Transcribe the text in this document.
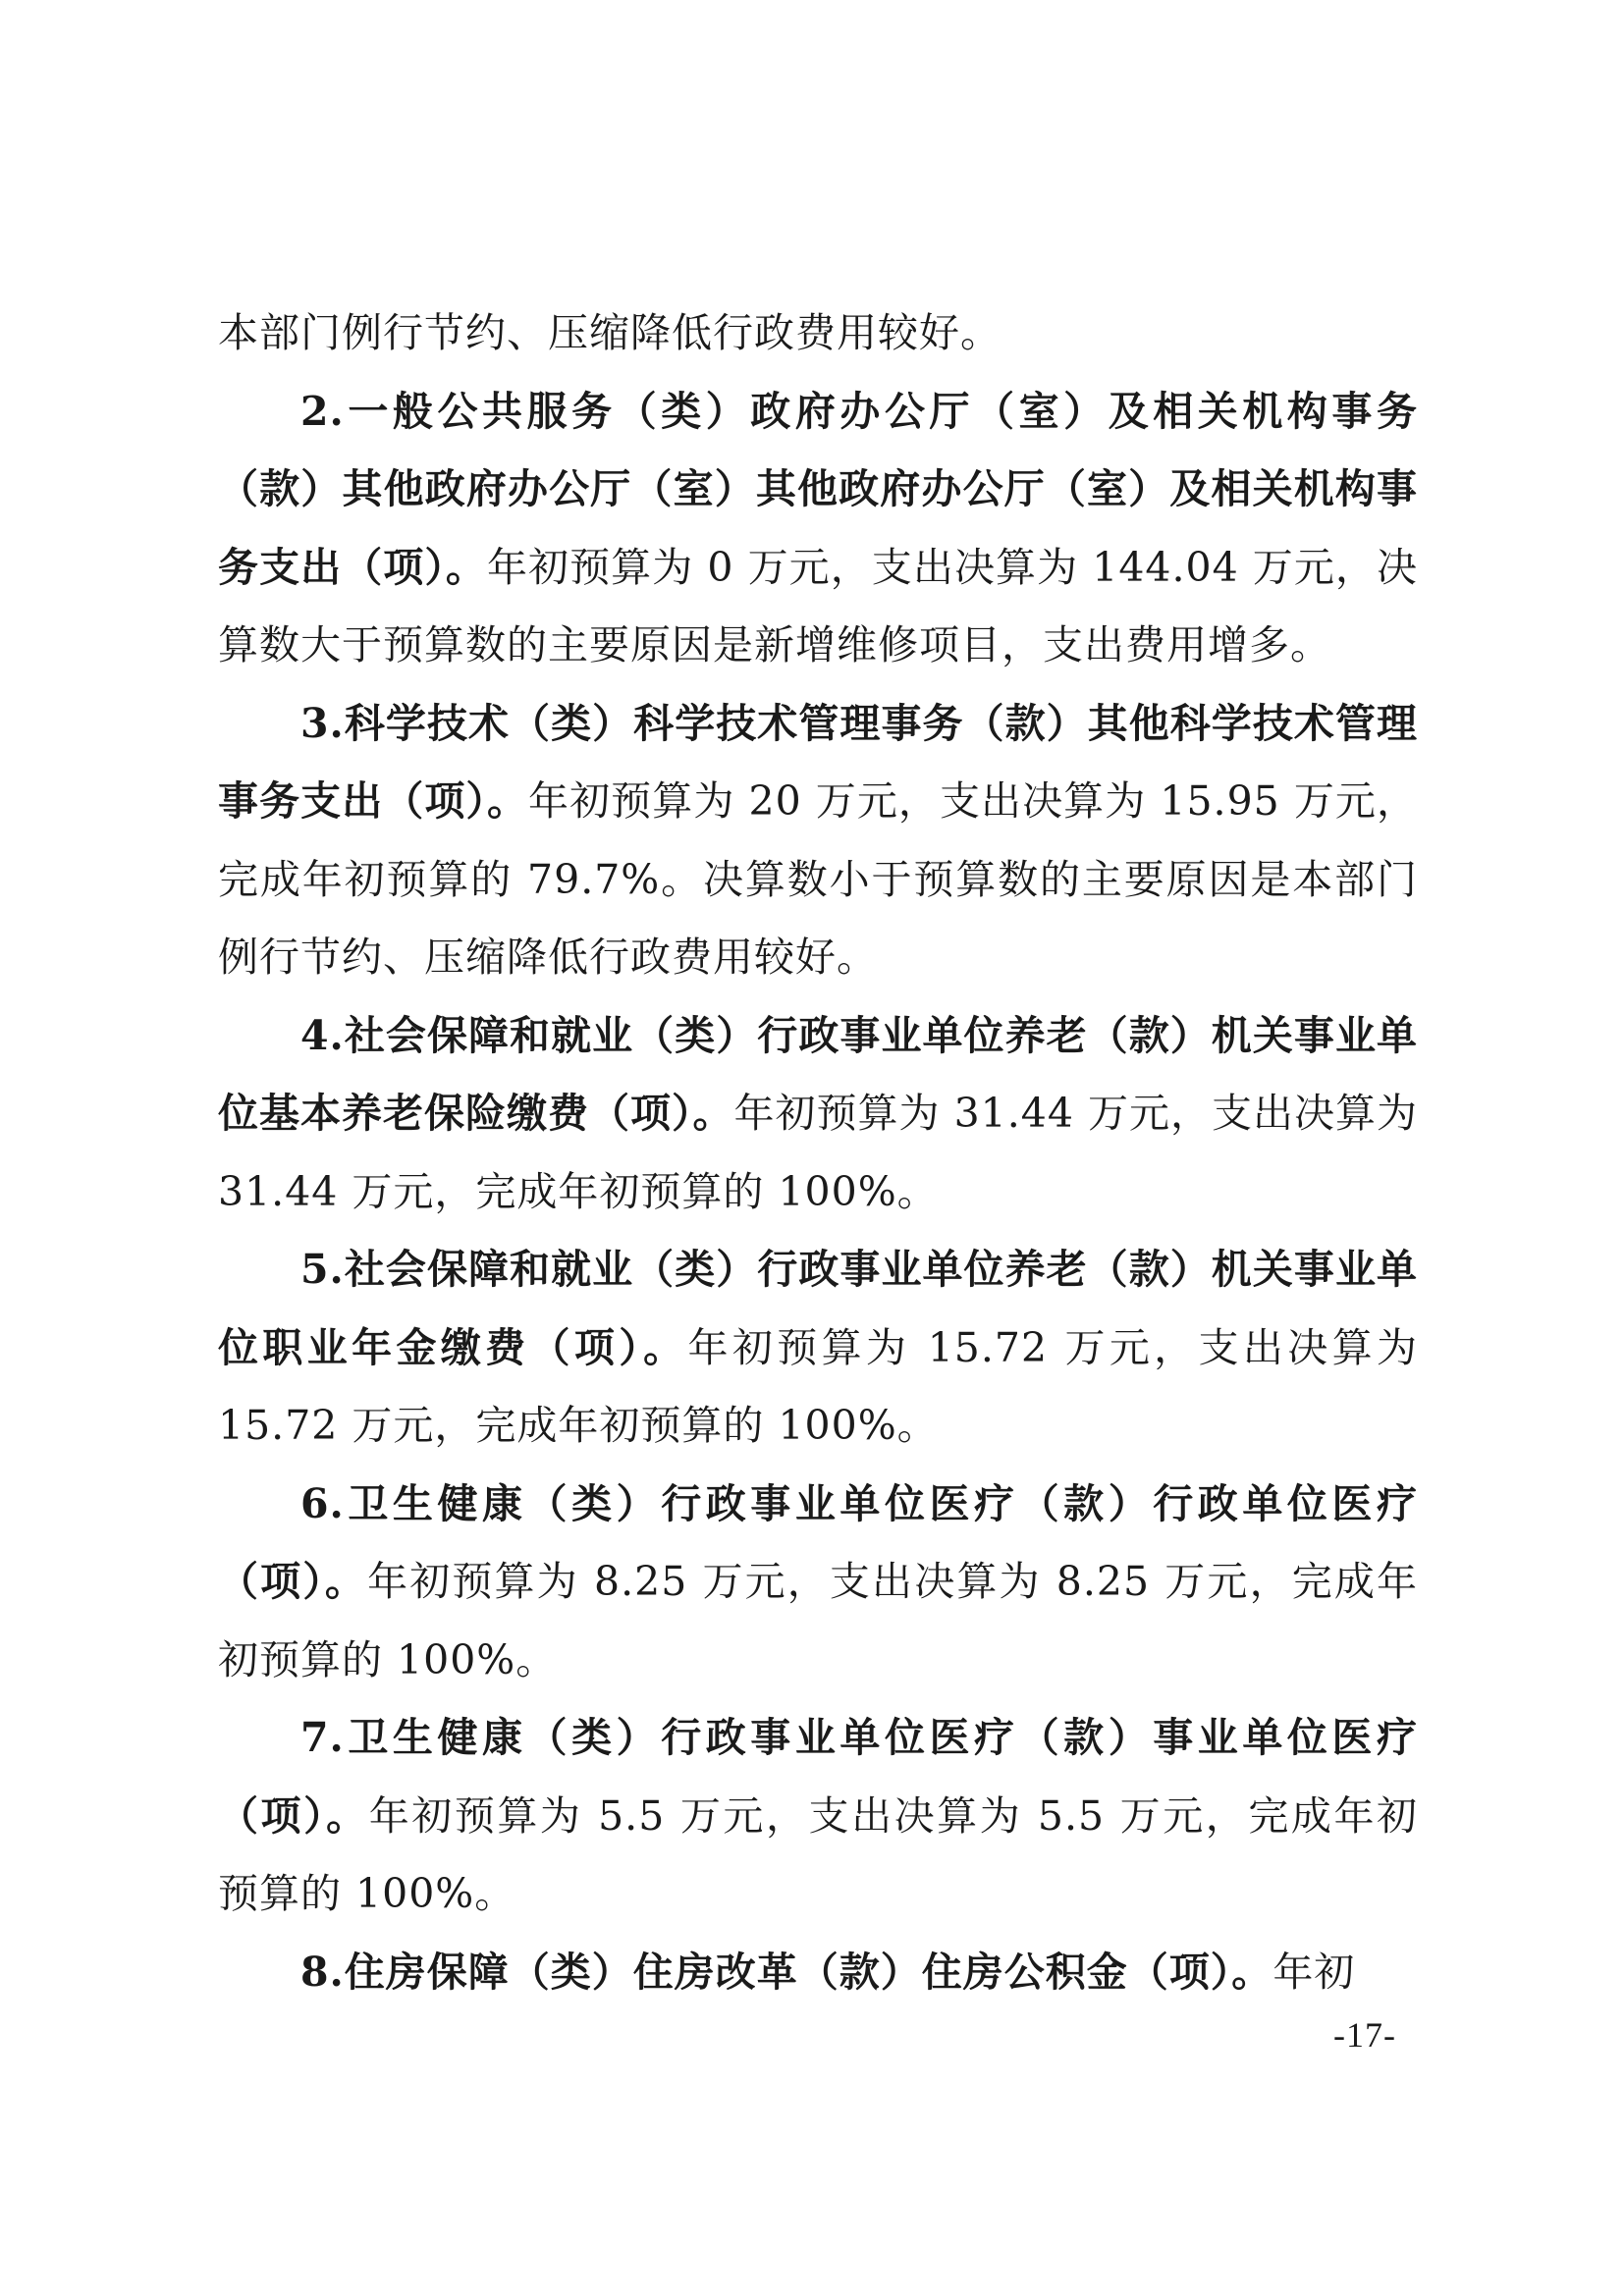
本部门例行节约、压缩降低行政费用较好。

2.一般公共服务（类）政府办公厅（室）及相关机构事务（款）其他政府办公厅（室）其他政府办公厅（室）及相关机构事务支出（项）。年初预算为 0 万元，支出决算为 144.04 万元，决算数大于预算数的主要原因是新增维修项目，支出费用增多。

3.科学技术（类）科学技术管理事务（款）其他科学技术管理事务支出（项）。年初预算为 20 万元，支出决算为 15.95 万元，完成年初预算的 79.7%。决算数小于预算数的主要原因是本部门例行节约、压缩降低行政费用较好。

4.社会保障和就业（类）行政事业单位养老（款）机关事业单位基本养老保险缴费（项）。年初预算为 31.44 万元，支出决算为 31.44 万元，完成年初预算的 100%。

5.社会保障和就业（类）行政事业单位养老（款）机关事业单位职业年金缴费（项）。年初预算为 15.72 万元，支出决算为 15.72 万元，完成年初预算的 100%。

6.卫生健康（类）行政事业单位医疗（款）行政单位医疗（项）。年初预算为 8.25 万元，支出决算为 8.25 万元，完成年初预算的 100%。

7.卫生健康（类）行政事业单位医疗（款）事业单位医疗（项）。年初预算为 5.5 万元，支出决算为 5.5 万元，完成年初预算的 100%。

8.住房保障（类）住房改革（款）住房公积金（项）。年初

-17-
